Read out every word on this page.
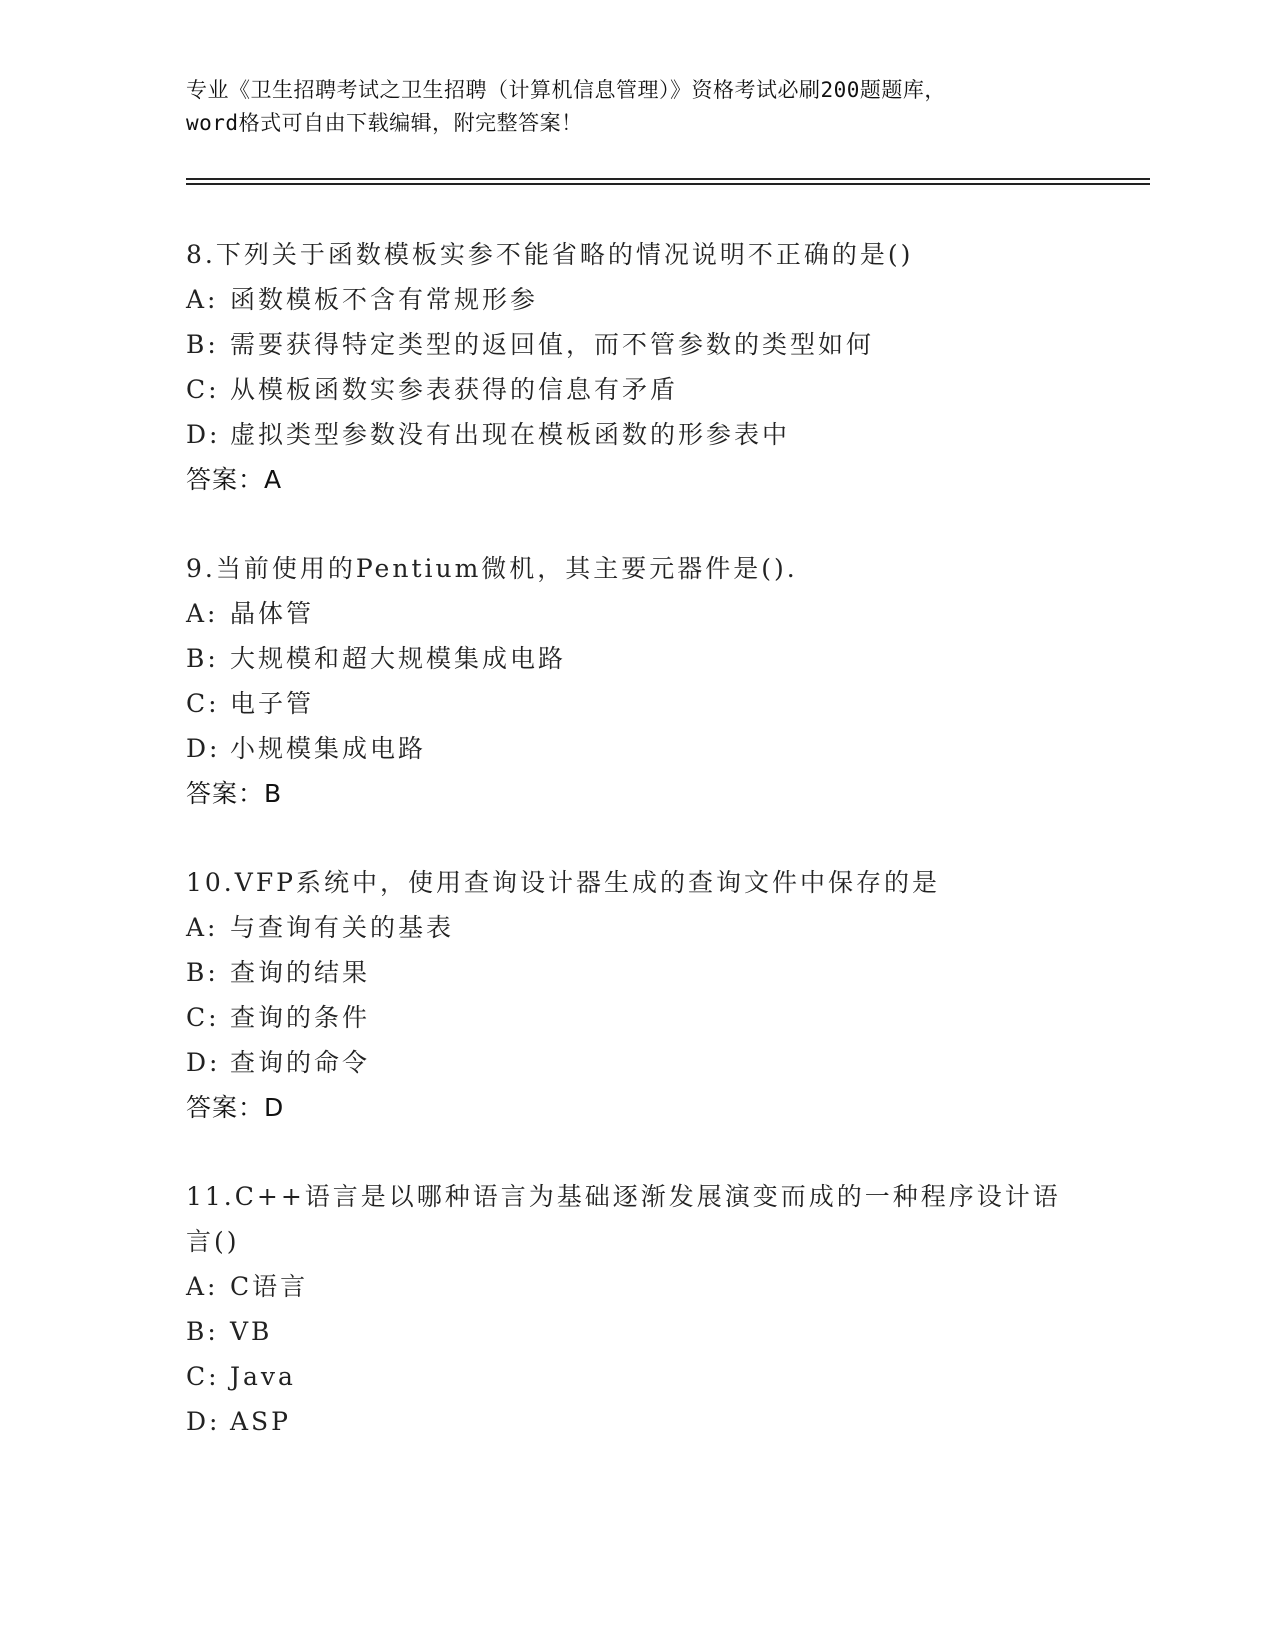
专业《卫生招聘考试之卫生招聘（计算机信息管理）》资格考试必刷200题题库，
word格式可自由下载编辑，附完整答案！
8.下列关于函数模板实参不能省略的情况说明不正确的是()
A: 函数模板不含有常规形参
B: 需要获得特定类型的返回值，而不管参数的类型如何
C: 从模板函数实参表获得的信息有矛盾
D: 虚拟类型参数没有出现在模板函数的形参表中
答案：A
9.当前使用的Pentium微机，其主要元器件是().
A: 晶体管
B: 大规模和超大规模集成电路
C: 电子管
D: 小规模集成电路
答案：B
10.VFP系统中，使用查询设计器生成的查询文件中保存的是
A: 与查询有关的基表
B: 查询的结果
C: 查询的条件
D: 查询的命令
答案：D
11.C++语言是以哪种语言为基础逐渐发展演变而成的一种程序设计语言()
A: C语言
B: VB
C: Java
D: ASP
